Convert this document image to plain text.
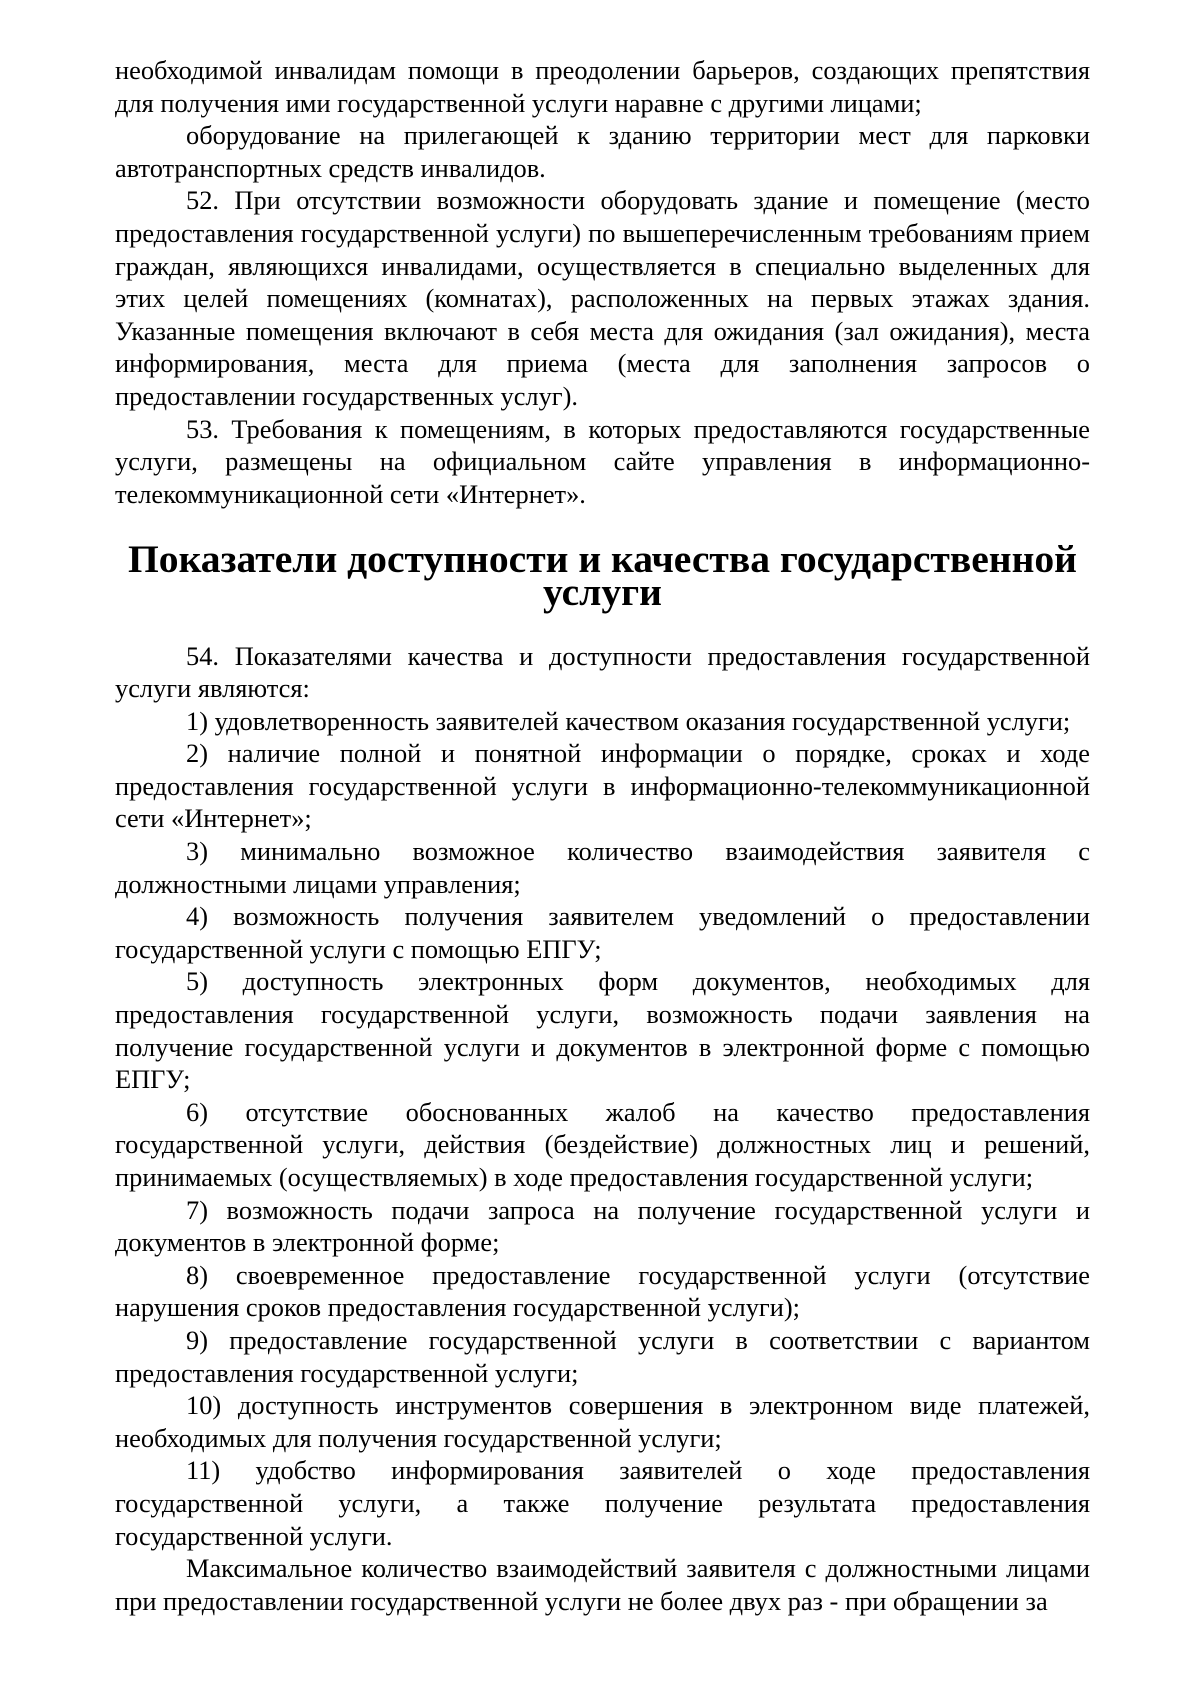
необходимой инвалидам помощи в преодолении барьеров, создающих препятствия для получения ими государственной услуги наравне с другими лицами;

оборудование на прилегающей к зданию территории мест для парковки автотранспортных средств инвалидов.

52. При отсутствии возможности оборудовать здание и помещение (место предоставления государственной услуги) по вышеперечисленным требованиям прием граждан, являющихся инвалидами, осуществляется в специально выделенных для этих целей помещениях (комнатах), расположенных на первых этажах здания. Указанные помещения включают в себя места для ожидания (зал ожидания), места информирования, места для приема (места для заполнения запросов о предоставлении государственных услуг).

53. Требования к помещениям, в которых предоставляются государственные услуги, размещены на официальном сайте управления в информационно-телекоммуникационной сети «Интернет».

Показатели доступности и качества государственной услуги

54. Показателями качества и доступности предоставления государственной услуги являются:

1) удовлетворенность заявителей качеством оказания государственной услуги;

2) наличие полной и понятной информации о порядке, сроках и ходе предоставления государственной услуги в информационно-телекоммуникационной сети «Интернет»;

3) минимально возможное количество взаимодействия заявителя с должностными лицами управления;

4) возможность получения заявителем уведомлений о предоставлении государственной услуги с помощью ЕПГУ;

5) доступность электронных форм документов, необходимых для предоставления государственной услуги, возможность подачи заявления на получение государственной услуги и документов в электронной форме с помощью ЕПГУ;

6) отсутствие обоснованных жалоб на качество предоставления государственной услуги, действия (бездействие) должностных лиц и решений, принимаемых (осуществляемых) в ходе предоставления государственной услуги;

7) возможность подачи запроса на получение государственной услуги и документов в электронной форме;

8) своевременное предоставление государственной услуги (отсутствие нарушения сроков предоставления государственной услуги);

9) предоставление государственной услуги в соответствии с вариантом предоставления государственной услуги;

10) доступность инструментов совершения в электронном виде платежей, необходимых для получения государственной услуги;

11) удобство информирования заявителей о ходе предоставления государственной услуги, а также получение результата предоставления государственной услуги.

Максимальное количество взаимодействий заявителя с должностными лицами при предоставлении государственной услуги не более двух раз - при обращении за
